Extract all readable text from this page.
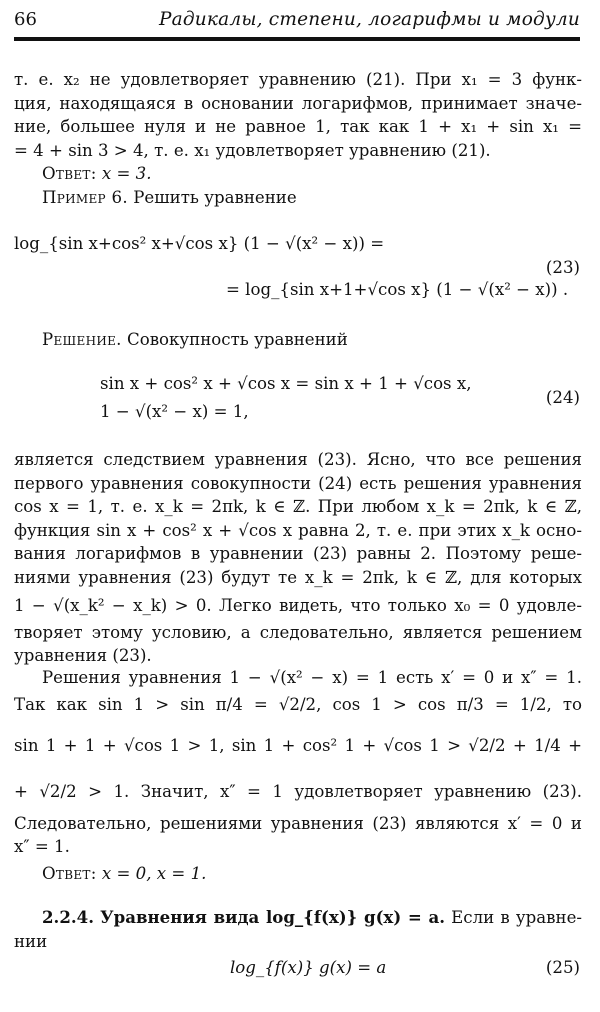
66	Радикалы, степени, логарифмы и модули
т. е. x₂ не удовлетворяет уравнению (21). При x₁ = 3 функ-
ция, находящаяся в основании логарифмов, принимает значе-
ние, большее нуля и не равное 1, так как 1 + x₁ + sin x₁ =
= 4 + sin 3 > 4, т. е. x₁ удовлетворяет уравнению (21).
Ответ: x = 3.
Пример 6. Решить уравнение
log_{sin x+cos² x+√cos x} (1 − √(x² − x)) =
= log_{sin x+1+√cos x} (1 − √(x² − x)) .
(23)
Решение. Совокупность уравнений
sin x + cos² x + √cos x = sin x + 1 + √cos x,
1 − √(x² − x) = 1,
(24)
является следствием уравнения (23). Ясно, что все решения
первого уравнения совокупности (24) есть решения уравнения
cos x = 1, т. е. x_k = 2πk, k ∈ ℤ. При любом x_k = 2πk, k ∈ ℤ,
функция sin x + cos² x + √cos x равна 2, т. е. при этих x_k осно-
вания логарифмов в уравнении (23) равны 2. Поэтому реше-
ниями уравнения (23) будут те x_k = 2πk, k ∈ ℤ, для которых
1 − √(x_k² − x_k) > 0. Легко видеть, что только x₀ = 0 удовле-
творяет этому условию, а следовательно, является решением
уравнения (23).
Решения уравнения 1 − √(x² − x) = 1 есть x′ = 0 и x″ = 1.
Так как sin 1 > sin π/4 = √2/2, cos 1 > cos π/3 = 1/2, то
sin 1 + 1 + √cos 1 > 1, sin 1 + cos² 1 + √cos 1 > √2/2 + 1/4 +
+ √2/2 > 1. Значит, x″ = 1 удовлетворяет уравнению (23).
Следовательно, решениями уравнения (23) являются x′ = 0 и
x″ = 1.
Ответ: x = 0, x = 1.
2.2.4. Уравнения вида log_{f(x)} g(x) = a. Если в уравне-
нии
log_{f(x)} g(x) = a	(25)
